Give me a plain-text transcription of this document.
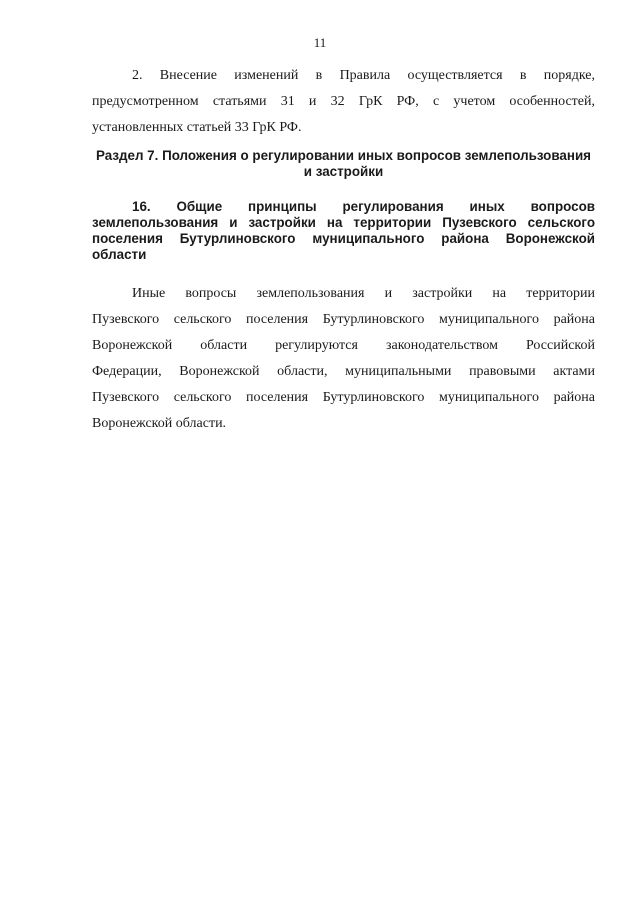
11

2. Внесение изменений в Правила осуществляется в порядке,
предусмотренном статьями 31 и 32 ГрК РФ, с учетом особенностей,
установленных статьей 33 ГрК РФ.

Раздел 7. Положения о регулировании иных вопросов землепользования
и застройки

16. Общие принципы регулирования иных вопросов
землепользования и застройки на территории Пузевского сельского
поселения Бутурлиновского муниципального района Воронежской
области

Иные вопросы землепользования и застройки на территории
Пузевского сельского поселения Бутурлиновского муниципального района
Воронежской области регулируются законодательством Российской
Федерации, Воронежской области, муниципальными правовыми актами
Пузевского сельского поселения Бутурлиновского муниципального района
Воронежской области.
